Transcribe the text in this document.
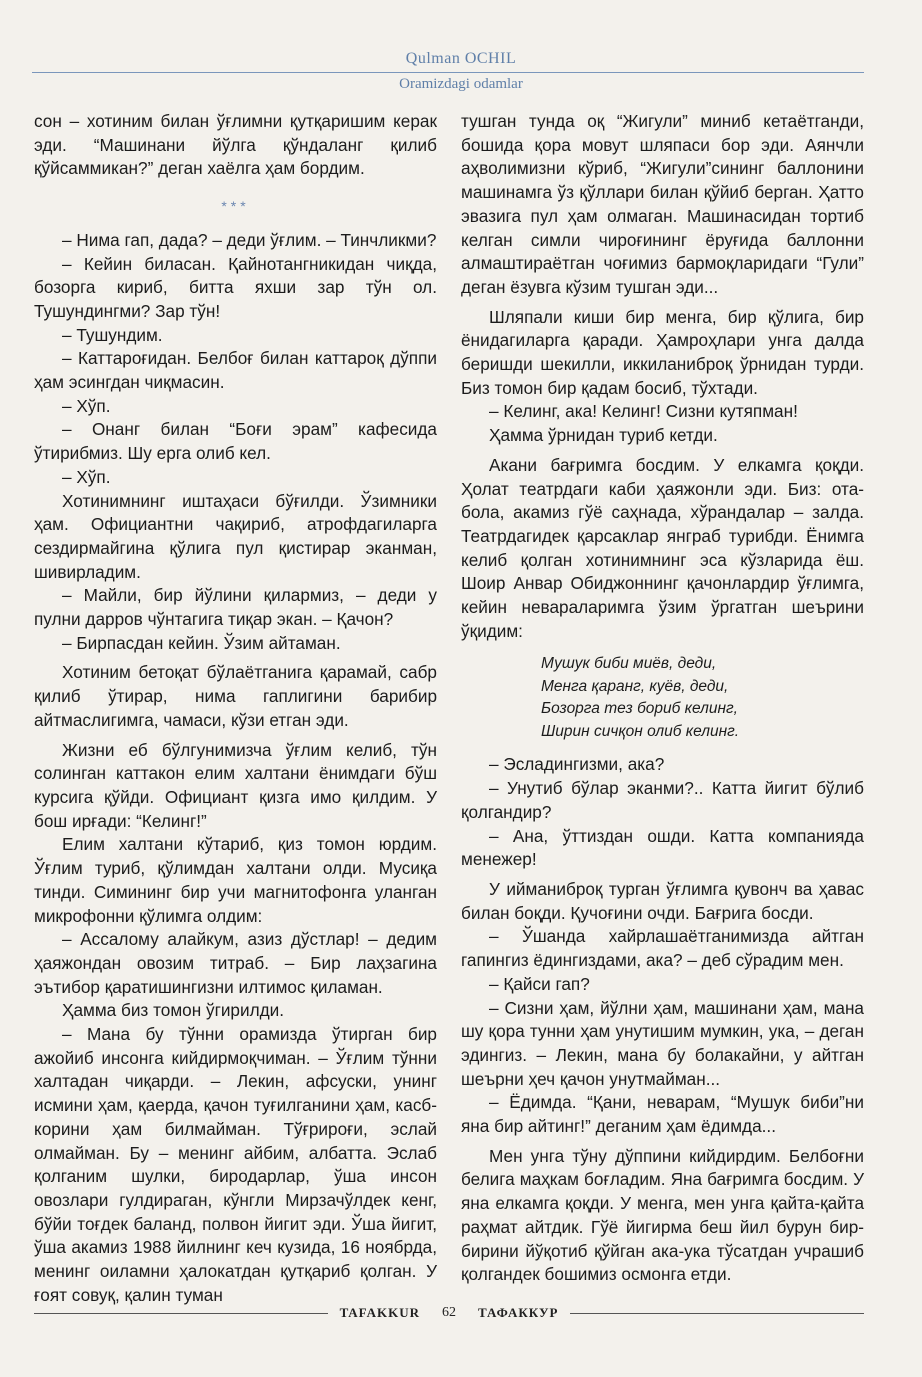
Qulman OCHIL
Oramizdagi odamlar

сон – хотиним билан ўғлимни қутқаришим керак эди. “Машинани йўлга қўндаланг қилиб қўйсаммикан?” деган хаёлга ҳам бордим.

***

– Нима гап, дада? – деди ўғлим. – Тинчликми?

– Кейин биласан. Қайнотангникидан чиқда, бозорга кириб, битта яхши зар тўн ол. Тушундингми? Зар тўн!

– Тушундим.

– Каттароғидан. Белбоғ билан каттароқ дўппи ҳам эсингдан чиқмасин.

– Хўп.

– Онанг билан “Боғи эрам” кафесида ўтирибмиз. Шу ерга олиб кел.

– Хўп.

Хотинимнинг иштаҳаси бўғилди. Ўзимники ҳам. Официантни чақириб, атрофдагиларга сездирмайгина қўлига пул қистирар эканман, шивирладим.

– Майли, бир йўлини қилармиз, – деди у пулни дарров чўнтагига тиқар экан. – Қачон?

– Бирпасдан кейин. Ўзим айтаман.

Хотиним бетоқат бўлаётганига қарамай, сабр қилиб ўтирар, нима гаплигини барибир айтмаслигимга, чамаси, кўзи етган эди.

Жизни еб бўлгунимизча ўғлим келиб, тўн солинган каттакон елим халтани ёнимдаги бўш курсига қўйди. Официант қизга имо қилдим. У бош ирғади: “Келинг!”

Елим халтани кўтариб, қиз томон юрдим. Ўғлим туриб, қўлимдан халтани олди. Мусиқа тинди. Симининг бир учи магнитофонга уланган микрофонни қўлимга олдим:

– Ассалому алайкум, азиз дўстлар! – дедим ҳаяжондан овозим титраб. – Бир лаҳзагина эътибор қаратишингизни илтимос қиламан.

Ҳамма биз томон ўгирилди.

– Мана бу тўнни орамизда ўтирган бир ажойиб инсонга кийдирмоқчиман. – Ўғлим тўнни халтадан чиқарди. – Лекин, афсуски, унинг исмини ҳам, қаерда, қачон туғилганини ҳам, касб-корини ҳам билмайман. Тўғрироғи, эслай олмайман. Бу – менинг айбим, албатта. Эслаб қолганим шулки, биродарлар, ўша инсон овозлари гулдираган, кўнгли Мирзачўлдек кенг, бўйи тоғдек баланд, полвон йигит эди. Ўша йигит, ўша акамиз 1988 йилнинг кеч кузида, 16 ноябрда, менинг оиламни ҳалокатдан қутқариб қолган. У ғоят совуқ, қалин туман

тушган тунда оқ “Жигули” миниб кетаётганди, бошида қора мовут шляпаси бор эди. Аянчли аҳволимизни кўриб, “Жигули”сининг баллонини машинамга ўз қўллари билан қўйиб берган. Ҳатто эвазига пул ҳам олмаган. Машинасидан тортиб келган симли чироғининг ёруғида баллонни алмаштираётган чоғимиз бармоқларидаги “Гули” деган ёзувга кўзим тушган эди...

Шляпали киши бир менга, бир қўлига, бир ёнидагиларга қаради. Ҳамроҳлари унга далда беришди шекилли, иккиланиброқ ўрнидан турди. Биз томон бир қадам босиб, тўхтади.

– Келинг, ака! Келинг! Сизни кутяпман!

Ҳамма ўрнидан туриб кетди.

Акани бағримга босдим. У елкамга қоқди. Ҳолат театрдаги каби ҳаяжонли эди. Биз: ота-бола, акамиз гўё саҳнада, хўрандалар – залда. Театрдагидек қарсаклар янграб турибди. Ёнимга келиб қолган хотинимнинг эса кўзларида ёш. Шоир Анвар Обиджоннинг қачонлардир ўғлимга, кейин невараларимга ўзим ўргатган шеърини ўқидим:

Мушук биби миёв, деди,
Менга қаранг, куёв, деди,
Бозорга тез бориб келинг,
Ширин сичқон олиб келинг.

– Эсладингизми, ака?

– Унутиб бўлар эканми?.. Катта йигит бўлиб қолгандир?

– Ана, ўттиздан ошди. Катта компанияда менежер!

У ийманиброқ турган ўғлимга қувонч ва ҳавас билан боқди. Қучоғини очди. Бағрига босди.

– Ўшанда хайрлашаётганимизда айтган гапингиз ёдингиздами, ака? – деб сўрадим мен.

– Қайси гап?

– Сизни ҳам, йўлни ҳам, машинани ҳам, мана шу қора тунни ҳам унутишим мумкин, ука, – деган эдингиз. – Лекин, мана бу болакайни, у айтган шеърни ҳеч қачон унутмайман...

– Ёдимда. “Қани, неварам, “Мушук биби”ни яна бир айтинг!” деганим ҳам ёдимда...

Мен унга тўну дўппини кийдирдим. Белбоғни белига маҳкам боғладим. Яна бағримга босдим. У яна елкамга қоқди. У менга, мен унга қайта-қайта раҳмат айтдик. Гўё йигирма беш йил бурун бир-бирини йўқотиб қўйган ака-ука тўсатдан учрашиб қолгандек бошимиз осмонга етди.

TAFAKKUR	62	ТАФАККУР
